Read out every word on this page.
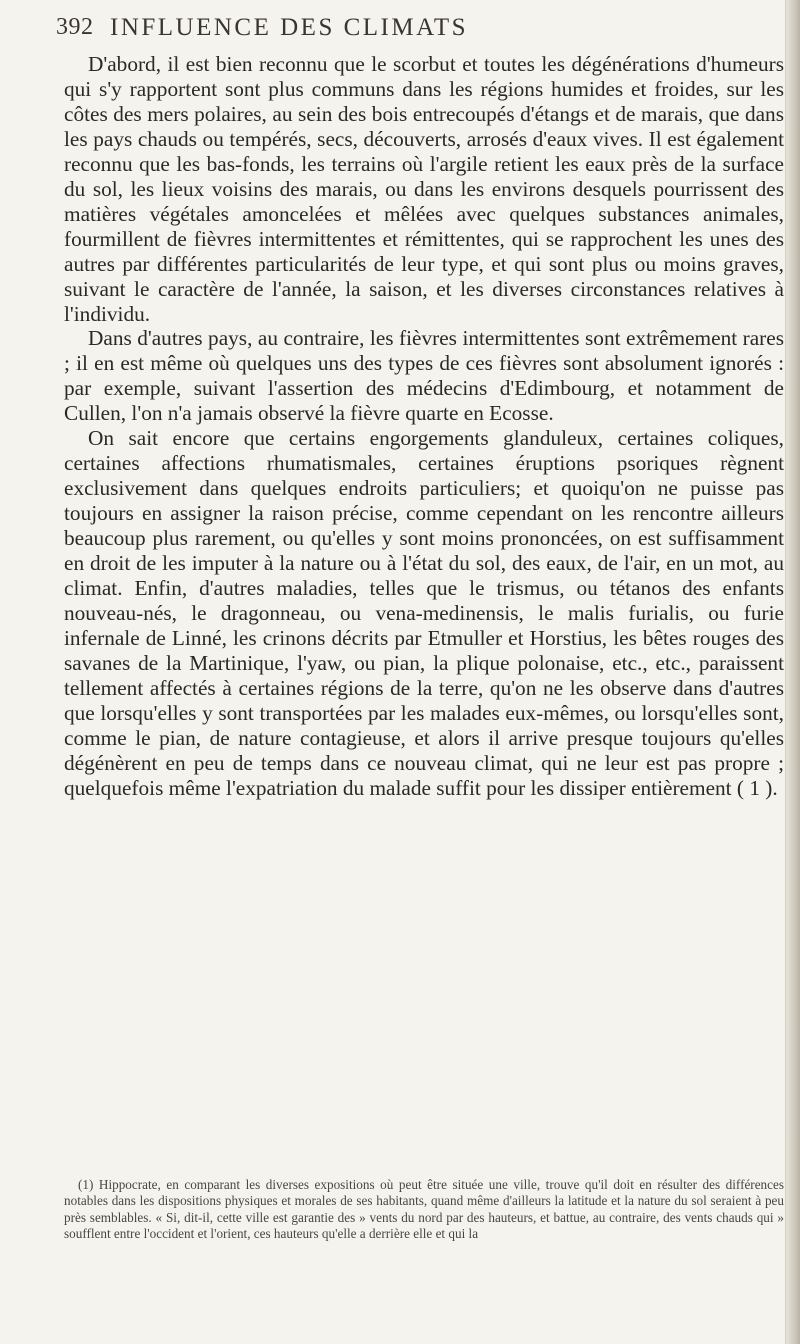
392 INFLUENCE DES CLIMATS

D'abord, il est bien reconnu que le scorbut et toutes les dégénérations d'humeurs qui s'y rapportent sont plus communs dans les régions humides et froides, sur les côtes des mers polaires, au sein des bois entrecoupés d'étangs et de marais, que dans les pays chauds ou tempérés, secs, découverts, arrosés d'eaux vives. Il est également reconnu que les bas-fonds, les terrains où l'argile retient les eaux près de la surface du sol, les lieux voisins des marais, ou dans les environs desquels pourrissent des matières végétales amoncelées et mêlées avec quelques substances animales, fourmillent de fièvres intermittentes et rémittentes, qui se rapprochent les unes des autres par différentes particularités de leur type, et qui sont plus ou moins graves, suivant le caractère de l'année, la saison, et les diverses circonstances relatives à l'individu.

Dans d'autres pays, au contraire, les fièvres intermittentes sont extrêmement rares ; il en est même où quelques uns des types de ces fièvres sont absolument ignorés : par exemple, suivant l'assertion des médecins d'Edimbourg, et notamment de Cullen, l'on n'a jamais observé la fièvre quarte en Ecosse.

On sait encore que certains engorgements glanduleux, certaines coliques, certaines affections rhumatismales, certaines éruptions psoriques règnent exclusivement dans quelques endroits particuliers; et quoiqu'on ne puisse pas toujours en assigner la raison précise, comme cependant on les rencontre ailleurs beaucoup plus rarement, ou qu'elles y sont moins prononcées, on est suffisamment en droit de les imputer à la nature ou à l'état du sol, des eaux, de l'air, en un mot, au climat. Enfin, d'autres maladies, telles que le trismus, ou tétanos des enfants nouveau-nés, le dragonneau, ou vena-medinensis, le malis furialis, ou furie infernale de Linné, les crinons décrits par Etmuller et Horstius, les bêtes rouges des savanes de la Martinique, l'yaw, ou pian, la plique polonaise, etc., etc., paraissent tellement affectés à certaines régions de la terre, qu'on ne les observe dans d'autres que lorsqu'elles y sont transportées par les malades eux-mêmes, ou lorsqu'elles sont, comme le pian, de nature contagieuse, et alors il arrive presque toujours qu'elles dégénèrent en peu de temps dans ce nouveau climat, qui ne leur est pas propre ; quelquefois même l'expatriation du malade suffit pour les dissiper entièrement ( 1 ).

(1) Hippocrate, en comparant les diverses expositions où peut être située une ville, trouve qu'il doit en résulter des différences notables dans les dispositions physiques et morales de ses habitants, quand même d'ailleurs la latitude et la nature du sol seraient à peu près semblables. « Si, dit-il, cette ville est garantie des » vents du nord par des hauteurs, et battue, au contraire, des vents chauds qui » soufflent entre l'occident et l'orient, ces hauteurs qu'elle a derrière elle et qui la
